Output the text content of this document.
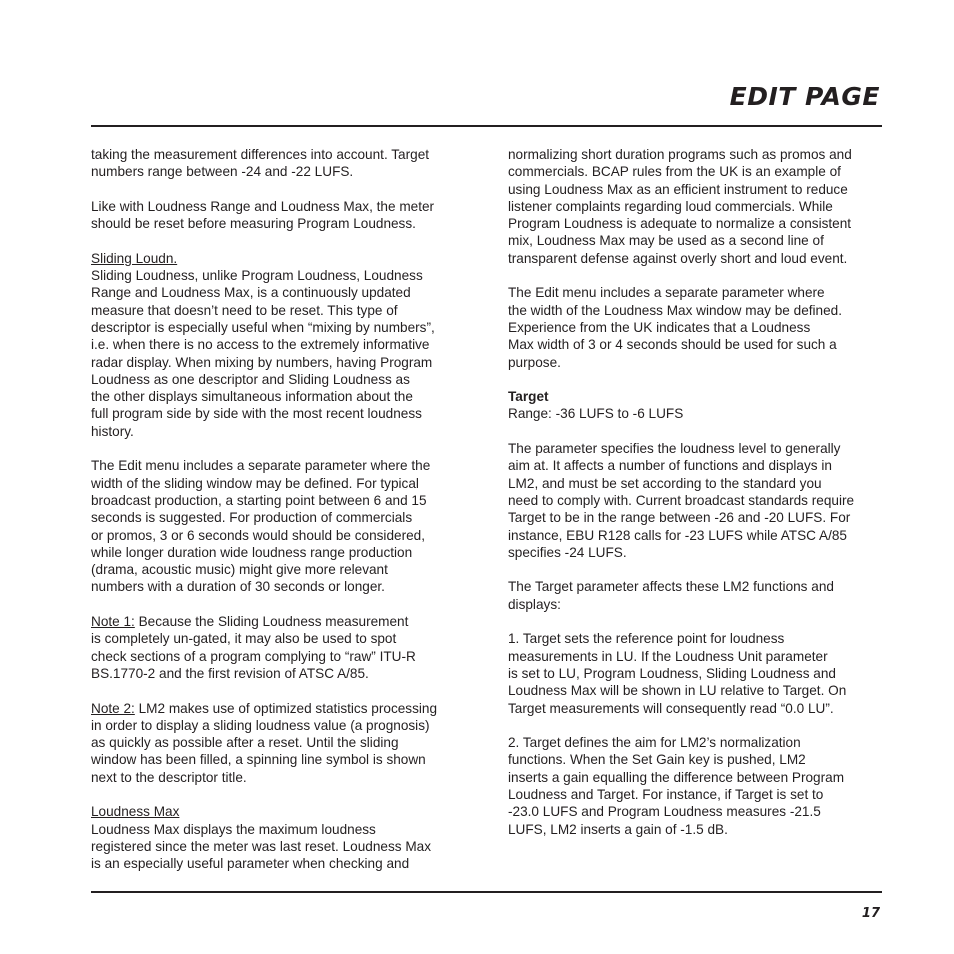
EDIT PAGE
taking the measurement differences into account. Target
numbers range between -24 and -22 LUFS.
Like with Loudness Range and Loudness Max, the meter
should be reset before measuring Program Loudness.
Sliding Loudn.
Sliding Loudness, unlike Program Loudness, Loudness
Range and Loudness Max, is a continuously updated
measure that doesn’t need to be reset. This type of
descriptor is especially useful when “mixing by numbers”,
i.e. when there is no access to the extremely informative
radar display. When mixing by numbers, having Program
Loudness as one descriptor and Sliding Loudness as
the other displays simultaneous information about the
full program side by side with the most recent loudness
history.
The Edit menu includes a separate parameter where the
width of the sliding window may be defined. For typical
broadcast production, a starting point between 6 and 15
seconds is suggested. For production of commercials
or promos, 3 or 6 seconds would should be considered,
while longer duration wide loudness range production
(drama, acoustic music) might give more relevant
numbers with a duration of 30 seconds or longer.
Note 1: Because the Sliding Loudness measurement
is completely un-gated, it may also be used to spot
check sections of a program complying to “raw” ITU-R
BS.1770-2 and the first revision of ATSC A/85.
Note 2: LM2 makes use of optimized statistics processing
in order to display a sliding loudness value (a prognosis)
as quickly as possible after a reset. Until the sliding
window has been filled, a spinning line symbol is shown
next to the descriptor title.
Loudness Max
Loudness Max displays the maximum loudness
registered since the meter was last reset. Loudness Max
is an especially useful parameter when checking and
normalizing short duration programs such as promos and
commercials. BCAP rules from the UK is an example of
using Loudness Max as an efficient instrument to reduce
listener complaints regarding loud commercials. While
Program Loudness is adequate to normalize a consistent
mix, Loudness Max may be used as a second line of
transparent defense against overly short and loud event.
The Edit menu includes a separate parameter where
the width of the Loudness Max window may be defined.
Experience from the UK indicates that a Loudness
Max width of 3 or 4 seconds should be used for such a
purpose.
Target
Range: -36 LUFS to -6 LUFS
The parameter specifies the loudness level to generally
aim at. It affects a number of functions and displays in
LM2, and must be set according to the standard you
need to comply with. Current broadcast standards require
Target to be in the range between -26 and -20 LUFS. For
instance, EBU R128 calls for -23 LUFS while ATSC A/85
specifies -24 LUFS.
The Target parameter affects these LM2 functions and
displays:
1. Target sets the reference point for loudness
measurements in LU. If the Loudness Unit parameter
is set to LU, Program Loudness, Sliding Loudness and
Loudness Max will be shown in LU relative to Target. On
Target measurements will consequently read “0.0 LU”.
2. Target defines the aim for LM2’s normalization
functions. When the Set Gain key is pushed, LM2
inserts a gain equalling the difference between Program
Loudness and Target. For instance, if Target is set to
-23.0 LUFS and Program Loudness measures -21.5
LUFS, LM2 inserts a gain of -1.5 dB.
17
